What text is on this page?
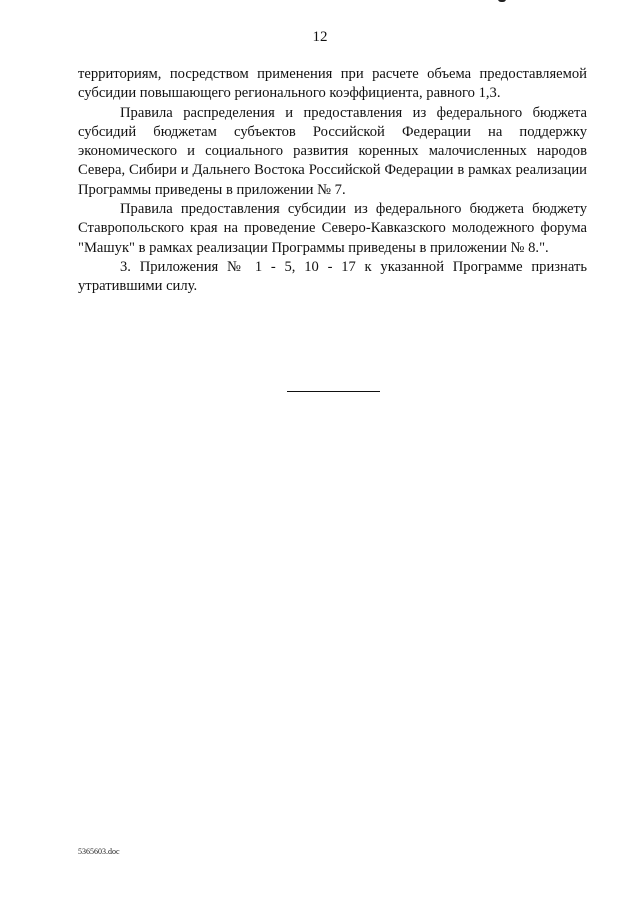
12

территориям, посредством применения при расчете объема предоставляемой субсидии повышающего регионального коэффициента, равного 1,3.

Правила распределения и предоставления из федерального бюджета субсидий бюджетам субъектов Российской Федерации на поддержку экономического и социального развития коренных малочисленных народов Севера, Сибири и Дальнего Востока Российской Федерации в рамках реализации Программы приведены в приложении № 7.

Правила предоставления субсидии из федерального бюджета бюджету Ставропольского края на проведение Северо-Кавказского молодежного форума "Машук" в рамках реализации Программы приведены в приложении № 8.".

3. Приложения № 1 - 5, 10 - 17 к указанной Программе признать утратившими силу.

5365603.doc
